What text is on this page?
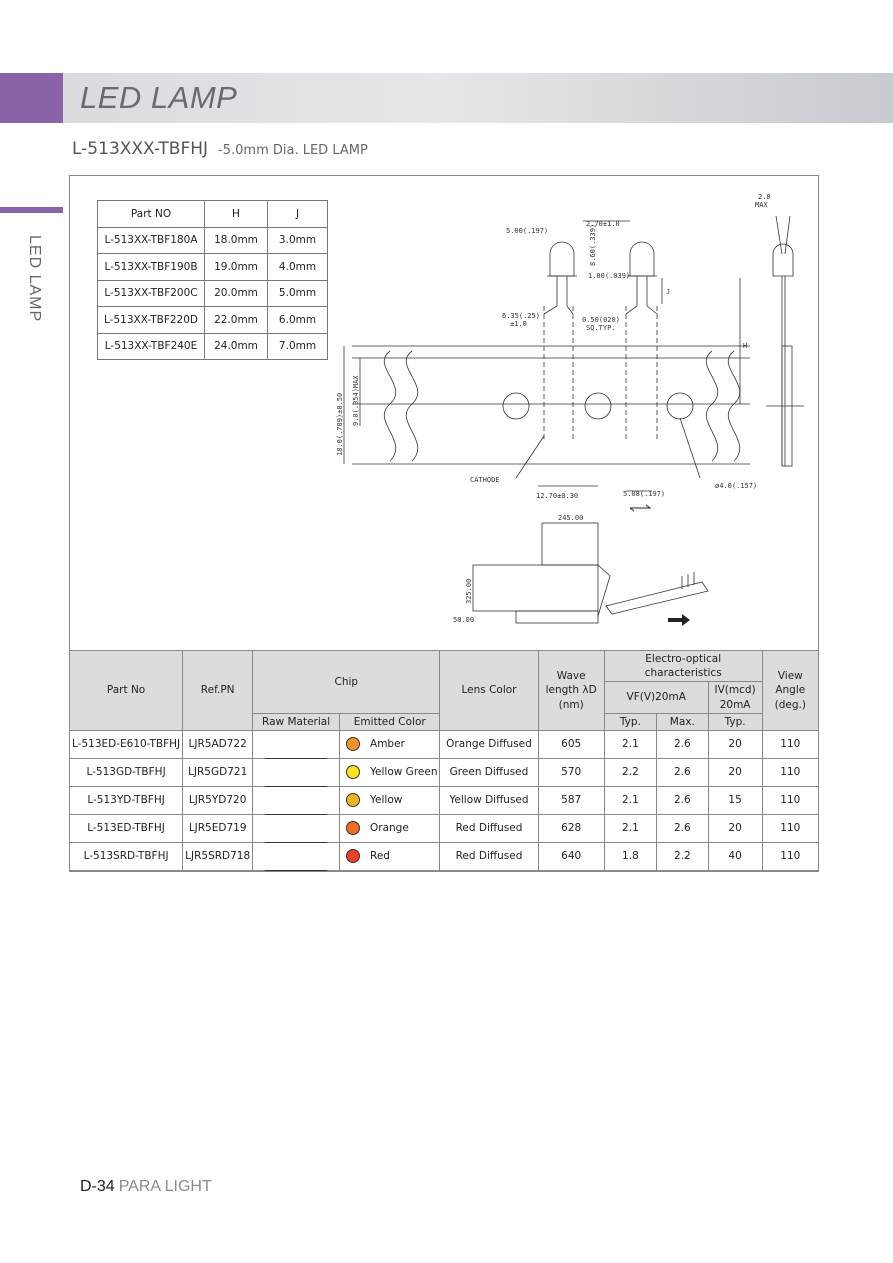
LED LAMP
L-513XXX-TBFHJ -5.0mm Dia. LED LAMP
LED LAMP
Part NO	H	J
L-513XX-TBF180A	18.0mm	3.0mm
L-513XX-TBF190B	19.0mm	4.0mm
L-513XX-TBF200C	20.0mm	5.0mm
L-513XX-TBF220D	22.0mm	6.0mm
L-513XX-TBF240E	24.0mm	7.0mm
2.0
MAX
5.00(.197)
2.70±1.0
8.60(.339)
1.00(.039)
J
H
6.35(.25)
±1.0	0.50(020)
SQ.TYP.
18.0(.709)±0.50 9.0(.354)MAX
CATHODE
12.70±0.30	5.08(.197)
ø4.0(.157)
245.00
325.00
50.00
Part No	Ref.PN	Chip		Lens Color	Wave length λD (nm)	Electro-optical characteristics			View Angle (deg.)
						VF(V)20mA		IV(mcd) 20mA	
		Raw Material	Emitted Color			Typ.	Max.	Typ.	
L-513ED-E610-TBFHJ	LJR5AD722		Amber	Orange Diffused	605	2.1	2.6	20	110
L-513GD-TBFHJ	LJR5GD721		Yellow Green	Green Diffused	570	2.2	2.6	20	110
L-513YD-TBFHJ	LJR5YD720		Yellow	Yellow Diffused	587	2.1	2.6	15	110
L-513ED-TBFHJ	LJR5ED719		Orange	Red Diffused	628	2.1	2.6	20	110
L-513SRD-TBFHJ	LJR5SRD718		Red	Red Diffused	640	1.8	2.2	40	110
D-34 PARA LIGHT
